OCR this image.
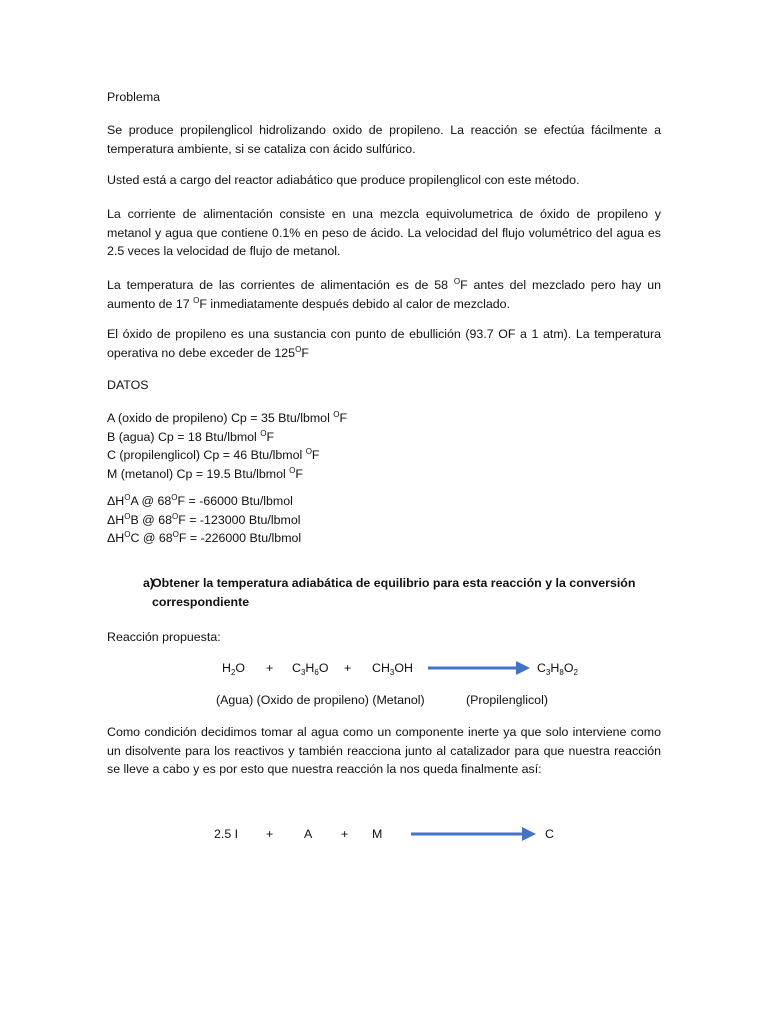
Problema

Se produce propilenglicol hidrolizando oxido de propileno. La reacción se efectúa fácilmente a temperatura ambiente, si se cataliza con ácido sulfúrico.

Usted está a cargo del reactor adiabático que produce propilenglicol con este método.

La corriente de alimentación consiste en una mezcla equivolumetrica de óxido de propileno y metanol y agua que contiene 0.1% en peso de ácido. La velocidad del flujo volumétrico del agua es 2.5 veces la velocidad de flujo de metanol.

La temperatura de las corrientes de alimentación es de 58 $^O$F antes del mezclado pero hay un aumento de 17 $^O$F inmediatamente después debido al calor de mezclado.

El óxido de propileno es una sustancia con punto de ebullición (93.7 OF a 1 atm). La temperatura operativa no debe exceder de $125^OF$

DATOS
A (oxido de propileno) Cp = 35 Btu/lbmol $^O$F
B (agua) Cp = 18 Btu/lbmol $^O$F
C (propilenglicol) Cp = 46 Btu/lbmol $^O$F
M (metanol) Cp = 19.5 Btu/lbmol $^O$F
$\Delta H^OA$ @ $68^OF = -66000$ Btu/lbmol
$\Delta H^OB$ @ $68^OF = -123000$ Btu/lbmol
$\Delta H^OC$ @ $68^OF = -226000$ Btu/lbmol
a)
Obtener la temperatura adiabática de equilibrio para esta reacción y la conversión correspondiente
Reacción propuesta:
$H_2O + C_3H_6O + CH_3OH$	$C_3H_8O_2$
(Agua) (Oxido de propileno) (Metanol)	(Propilenglicol)

Como condición decidimos tomar al agua como un componente inerte ya que solo interviene como un disolvente para los reactivos y también reacciona junto al catalizador para que nuestra reacción se lleve a cabo y es por esto que nuestra reacción la nos queda finalmente así:

2.5 I + A + M	C
